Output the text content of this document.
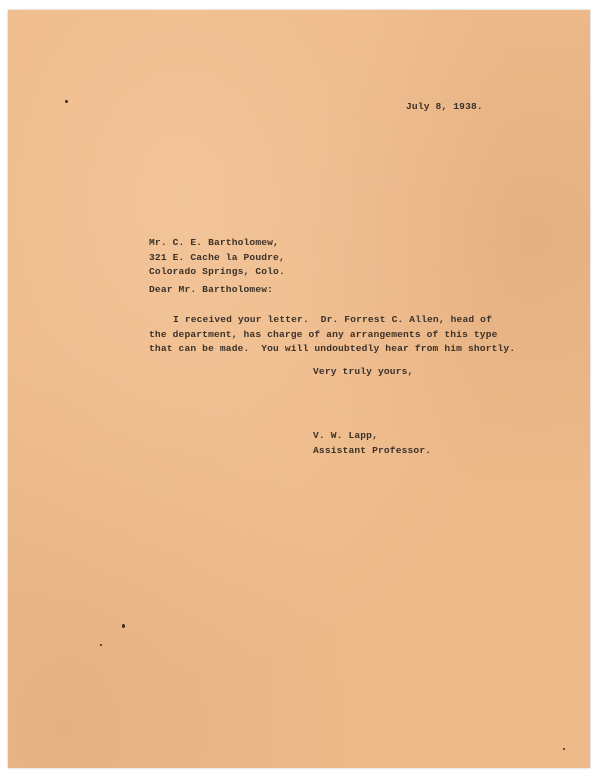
July 8, 1938.

Mr. C. E. Bartholomew,
321 E. Cache la Poudre,
Colorado Springs, Colo.

Dear Mr. Bartholomew:

I received your letter.  Dr. Forrest C. Allen, head of
the department, has charge of any arrangements of this type
that can be made.  You will undoubtedly hear from him shortly.

Very truly yours,

V. W. Lapp,
Assistant Professor.
